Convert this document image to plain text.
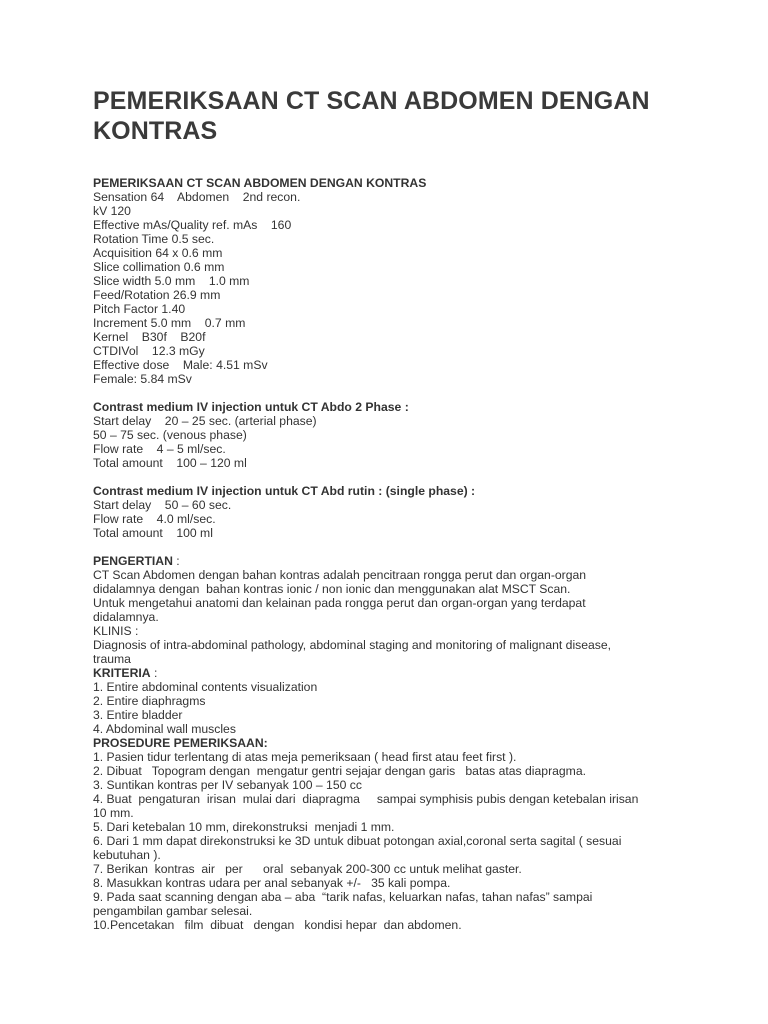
PEMERIKSAAN CT SCAN ABDOMEN DENGAN KONTRAS
PEMERIKSAAN CT SCAN ABDOMEN DENGAN KONTRAS
Sensation 64    Abdomen    2nd recon.
kV 120
Effective mAs/Quality ref. mAs    160
Rotation Time 0.5 sec.
Acquisition 64 x 0.6 mm
Slice collimation 0.6 mm
Slice width 5.0 mm    1.0 mm
Feed/Rotation 26.9 mm
Pitch Factor 1.40
Increment 5.0 mm    0.7 mm
Kernel    B30f    B20f
CTDIVol    12.3 mGy
Effective dose    Male: 4.51 mSv
Female: 5.84 mSv
Contrast medium IV injection untuk CT Abdo 2 Phase :
Start delay    20 – 25 sec. (arterial phase)
50 – 75 sec. (venous phase)
Flow rate    4 – 5 ml/sec.
Total amount    100 – 120 ml
Contrast medium IV injection untuk CT Abd rutin : (single phase) :
Start delay    50 – 60 sec.
Flow rate    4.0 ml/sec.
Total amount    100 ml
PENGERTIAN :
CT Scan Abdomen dengan bahan kontras adalah pencitraan rongga perut dan organ-organ
didalamnya dengan  bahan kontras ionic / non ionic dan menggunakan alat MSCT Scan.
Untuk mengetahui anatomi dan kelainan pada rongga perut dan organ-organ yang terdapat
didalamnya.
KLINIS :
Diagnosis of intra-abdominal pathology, abdominal staging and monitoring of malignant disease,
trauma
KRITERIA :
1. Entire abdominal contents visualization
2. Entire diaphragms
3. Entire bladder
4. Abdominal wall muscles
PROSEDURE PEMERIKSAAN:
1. Pasien tidur terlentang di atas meja pemeriksaan ( head first atau feet first ).
2. Dibuat   Topogram dengan  mengatur gentri sejajar dengan garis   batas atas diapragma.
3. Suntikan kontras per IV sebanyak 100 – 150 cc
4. Buat  pengaturan  irisan  mulai dari  diapragma     sampai symphisis pubis dengan ketebalan irisan
10 mm.
5. Dari ketebalan 10 mm, direkonstruksi  menjadi 1 mm.
6. Dari 1 mm dapat direkonstruksi ke 3D untuk dibuat potongan axial,coronal serta sagital ( sesuai
kebutuhan ).
7. Berikan  kontras  air   per      oral  sebanyak 200-300 cc untuk melihat gaster.
8. Masukkan kontras udara per anal sebanyak +/-   35 kali pompa.
9. Pada saat scanning dengan aba – aba  “tarik nafas, keluarkan nafas, tahan nafas” sampai
pengambilan gambar selesai.
10.Pencetakan   film  dibuat   dengan   kondisi hepar  dan abdomen.
